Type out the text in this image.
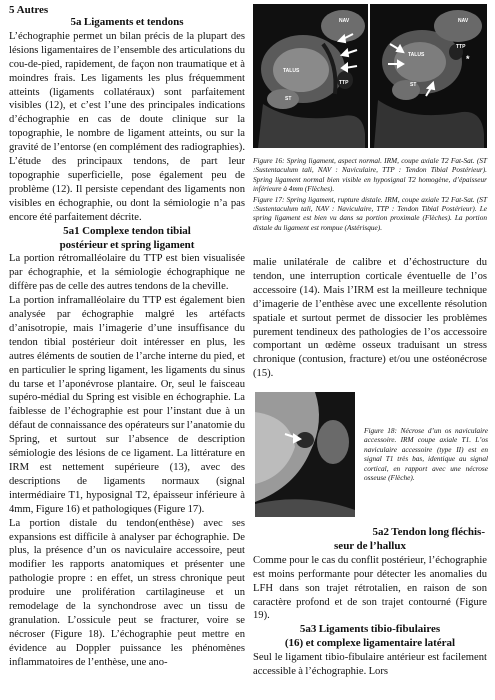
5 Autres
5a Ligaments et tendons

L’échographie permet un bilan précis de la plupart des lésions ligamentaires de l’ensemble des articulations du cou-de-pied, rapidement, de façon non traumatique et à moindres frais. Les ligaments les plus fréquemment atteints (ligaments collatéraux) sont parfaitement visibles (12), et c’est l’une des principales indications d’échographie en cas de doute clinique sur la topographie, le nombre de ligament atteints, ou sur la gravité de l’entorse (en complément des radiographies). L’étude des principaux tendons, de part leur topographie superficielle, pose également peu de problème (12). Il persiste cependant des ligaments non visibles en échographie, ou dont la sémiologie n’a pas encore été parfaitement décrite.

5a1 Complexe tendon tibial
postérieur et spring ligament

La portion rétromalléolaire du TTP est bien visualisée par échographie, et la sémiologie échographique ne diffère pas de celle des autres tendons de la cheville.

La portion inframalléolaire du TTP est également bien analysée par échographie malgré les artéfacts d’anisotropie, mais l’imagerie d’une insuffisance du tendon tibial postérieur doit intéresser en plus, les autres éléments de soutien de l’arche interne du pied, et en particulier le spring ligament, les ligaments du sinus du tarse et l’aponévrose plantaire. Or, seul le faisceau supéro-médial du Spring est visible en échographie. La faiblesse de l’échographie est pour l’instant due à un défaut de connaissance des opérateurs sur l’anatomie du Spring, et surtout sur l’absence de description sémiologie des lésions de ce ligament. La littérature en IRM est nettement supérieure (13), avec des descriptions de ligaments normaux (signal intermédiaire T1, hyposignal T2, épaisseur inférieure à 4mm, Figure 16) et pathologiques (Figure 17).

La portion distale du tendon(enthèse) avec ses expansions est difficile à analyser par échographie. De plus, la présence d’un os naviculaire accessoire, peut modifier les rapports anatomiques et présenter une pathologie propre : en effet, un stress chronique peut produire une prolifération cartilagineuse et un remodelage de la synchondrose avec un tissu de granulation. L’ossicule peut se fracturer, voire se nécroser (Figure 18). L’échographie peut mettre en évidence au Doppler puissance les phénomènes inflammatoires de l’enthèse, une ano-

NAV
TALUS
TTP
ST
NAV
TALUS
TTP
ST
*

Figure 16: Spring ligament, aspect normal. IRM, coupe axiale T2 Fat-Sat. (ST :Sustentaculum tali, NAV : Naviculaire, TTP : Tendon Tibial Postérieur). Spring ligament normal bien visible en hyposignal T2 homogène, d’épaisseur inférieure à 4mm (Flèches).

Figure 17: Spring ligament, rupture distale. IRM, coupe axiale T2 Fat-Sat. (ST :Sustentaculum tali, NAV : Naviculaire, TTP : Tendon Tibial Postérieur). Le spring ligament est bien vu dans sa portion proximale (Flèches). La portion distale du ligament est rompue (Astérisque).

Figure 18: Nécrose d’un os naviculaire accessoire. IRM coupe axiale T1. L’os naviculaire accessoire (type II) est en signal T1 très bas, identique au signal cortical, en rapport avec une nécrose osseuse (Flèche).

malie unilatérale de calibre et d’échostructure du tendon, une interruption corticale éventuelle de l’os accessoire (14). Mais l’IRM est la meilleure technique d’imagerie de l’enthèse avec une excellente résolution spatiale et surtout permet de dissocier les problèmes purement tendineux des pathologies de l’os accessoire comportant un œdème osseux traduisant un stress chronique (contusion, fracture) et/ou une ostéonécrose (15).

5a2 Tendon long fléchis-
seur de l’hallux

Comme pour le cas du conflit postérieur, l’échographie est moins performante pour détecter les anomalies du LFH dans son trajet rétrotalien, en raison de son caractère profond et de son trajet contourné (Figure 19).

5a3 Ligaments tibio-fibulaires
(16) et complexe ligamentaire latéral

Seul le ligament tibio-fibulaire antérieur est facilement accessible à l’échographie. Lors
